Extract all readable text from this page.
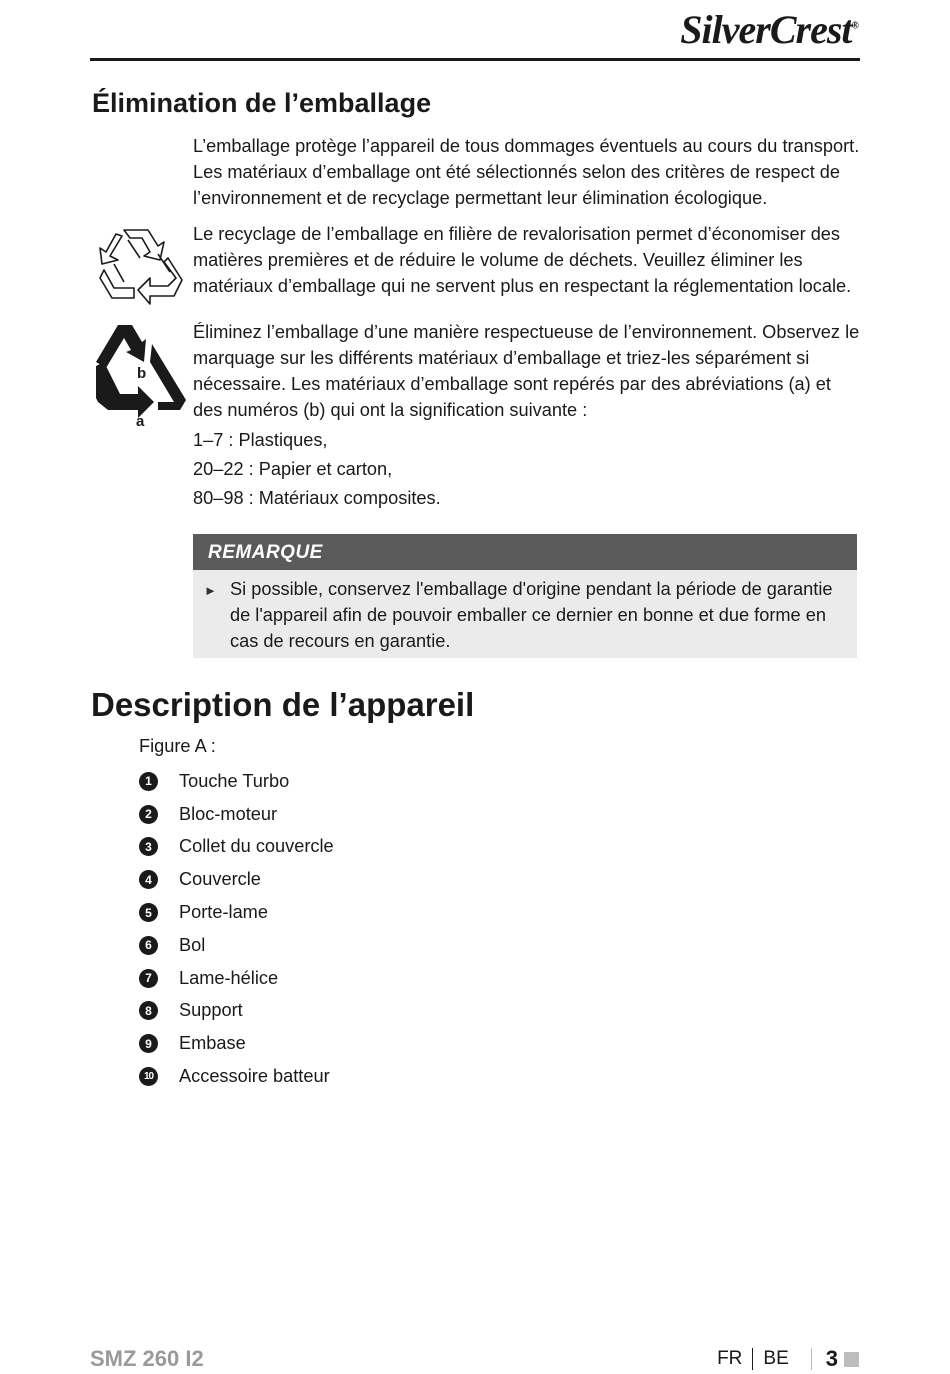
SilverCrest®
Élimination de l’emballage

L’emballage protège l’appareil de tous dommages éventuels au cours du transport. Les matériaux d’emballage ont été sélectionnés selon des critères de respect de l’environnement et de recyclage permettant leur élimination écologique.

Le recyclage de l’emballage en filière de revalorisation permet d’économiser des matières premières et de réduire le volume de déchets. Veuillez éliminer les matériaux d’emballage qui ne servent plus en respectant la réglementation locale.

b
a

Éliminez l’emballage d’une manière respectueuse de l’environnement. Observez le marquage sur les différents matériaux d’emballage et triez-les séparément si nécessaire. Les matériaux d’emballage sont repérés par des abréviations (a) et des numéros (b) qui ont la signification suivante :

1–7 : Plastiques,
20–22 : Papier et carton,
80–98 : Matériaux composites.
REMARQUE
► Si possible, conservez l'emballage d'origine pendant la période de garantie de l'appareil afin de pouvoir emballer ce dernier en bonne et due forme en cas de recours en garantie.
Description de l’appareil
Figure A :
1	Touche Turbo
2	Bloc-moteur
3	Collet du couvercle
4	Couvercle
5	Porte-lame
6	Bol
7	Lame-hélice
8	Support
9	Embase
10 Accessoire batteur
SMZ 260 I2	FR BE 3
